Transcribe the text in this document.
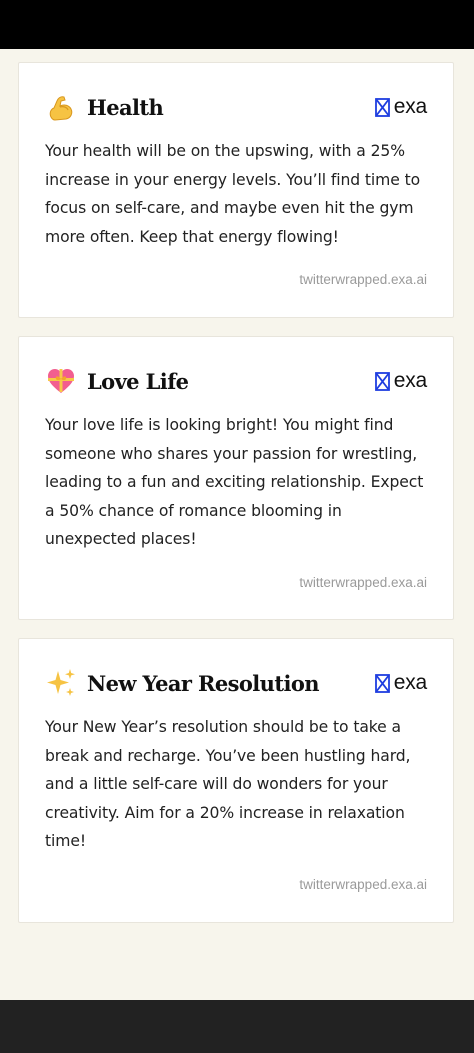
Health	exa
Your health will be on the upswing, with a 25% increase in your energy levels. You’ll find time to focus on self-care, and maybe even hit the gym more often. Keep that energy flowing!
twitterwrapped.exa.ai
Love Life	exa
Your love life is looking bright! You might find someone who shares your passion for wrestling, leading to a fun and exciting relationship. Expect a 50% chance of romance blooming in unexpected places!
twitterwrapped.exa.ai
New Year Resolution	exa
Your New Year’s resolution should be to take a break and recharge. You’ve been hustling hard, and a little self-care will do wonders for your creativity. Aim for a 20% increase in relaxation time!
twitterwrapped.exa.ai
